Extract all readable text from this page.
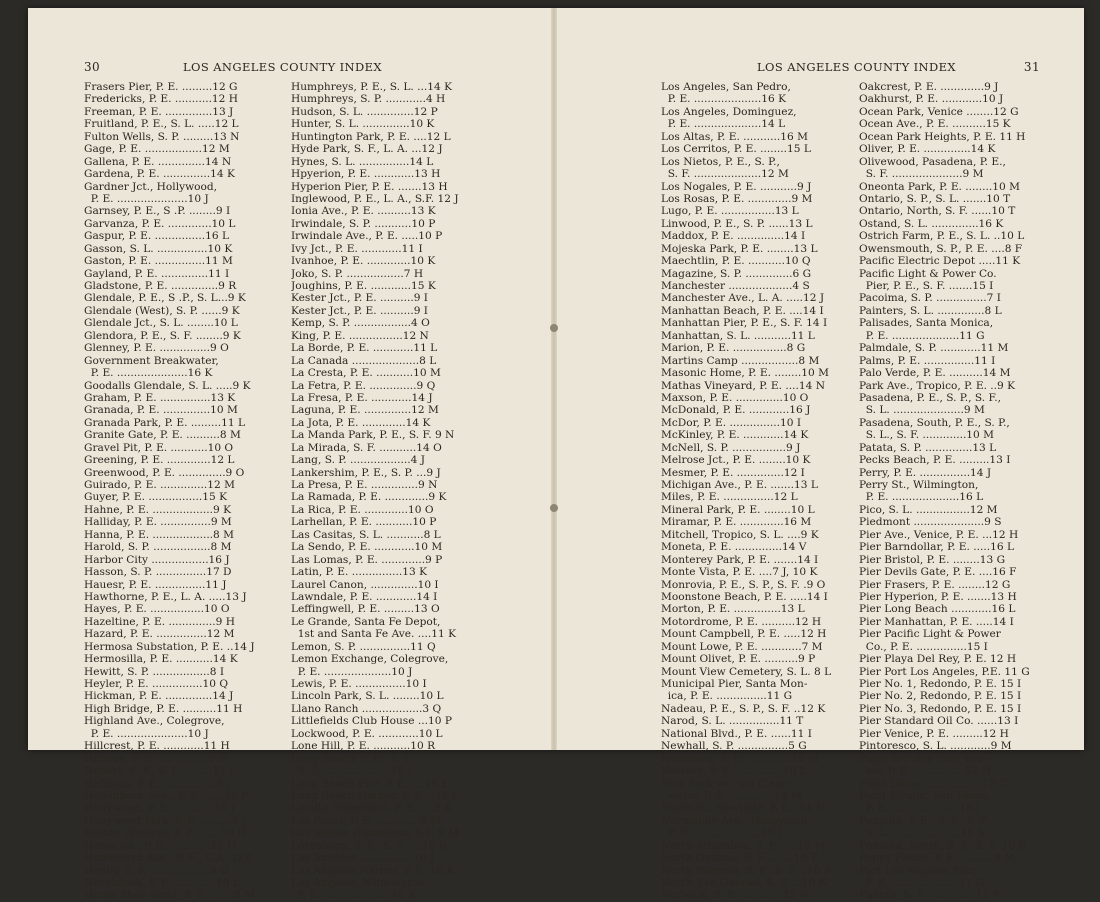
30	LOS ANGELES COUNTY INDEX
Frasers Pier, P. E. .........12 G
Fredericks, P. E. ...........12 H
Freeman, P. E. ..............13 J
Fruitland, P. E., S. L. .....12 L
Fulton Wells, S. P. .........13 N
Gage, P. E. .................12 M
Gallena, P. E. ..............14 N
Gardena, P. E. ..............14 K
Gardner Jct., Hollywood,
P. E. .....................10 J
Garnsey, P. E., S .P. ........9 I
Garvanza, P. E. .............10 L
Gaspur, P. E. ...............16 L
Gasson, S. L. ...............10 K
Gaston, P. E. ...............11 M
Gayland, P. E. ..............11 I
Gladstone, P. E. ..............9 R
Glendale, P. E., S .P., S. L...9 K
Glendale (West), S. P. ......9 K
Glendale Jct., S. L. ........10 L
Glendora, P. E., S. F. ........9 K
Glenney, P. E. ...............9 O
Government Breakwater,
P. E. .....................16 K
Goodalls Glendale, S. L. .....9 K
Graham, P. E. ...............13 K
Granada, P. E. ..............10 M
Granada Park, P. E. .........11 L
Granite Gate, P. E. ..........8 M
Gravel Pit, P. E. ...........10 O
Greening, P. E. .............12 L
Greenwood, P. E. ..............9 O
Guirado, P. E. ..............12 M
Guyer, P. E. ................15 K
Hahne, P. E. ..................9 K
Halliday, P. E. ...............9 M
Hanna, P. E. ..................8 M
Harold, S. P. .................8 M
Harbor City .................16 J
Hasson, S. P. ...............17 D
Hauesr, P. E. ...............11 J
Hawthorne, P. E., L. A. .....13 J
Hayes, P. E. ................10 O
Hazeltine, P. E. ..............9 H
Hazard, P. E. ...............12 M
Hermosa Substation, P. E. ..14 J
Hermosilla, P. E. ...........14 K
Hewitt, S. P. .................8 I
Heyler, P. E. ...............10 Q
Hickman, P. E. ..............14 J
High Bridge, P. E. ..........11 H
Highland Ave., Colegrove,
P. E. .....................10 J
Hillcrest, P. E. ............11 H
Hillside, P. E. ...............9 P
Hobart, S. F., S. L. ........11 L
Hoffman, P. E. ................9 J
Hollenbeck Ave., P. E. ......10 P
Hollywood, P. E. ............10 J
Hollywood Park, P. E. .........9 J
Holton (Venice), P. E. ......13 H
Home Jct., P. E. ............11 H
Homeward Ave., P. E., L.A. 12K
Honby, S. P. ..................4 G
Hornbrook, P. E. ............10 L
Horse Shoe Bend, P. E. .......8 M
Humphreys, P. E., S. L. ...14 K
Humphreys, S. P. ............4 H
Hudson, S. L. ..............12 P
Hunter, S. L. ..............10 K
Huntington Park, P. E. ....12 L
Hyde Park, S. F., L. A. ...12 J
Hynes, S. L. ...............14 L
Hpyerion, P. E. ............13 H
Hyperion Pier, P. E. .......13 H
Inglewood, P. E., L. A., S.F. 12 J
Ionia Ave., P. E. ..........13 K
Irwindale, S. P. ...........10 P
Irwindale Ave., P. E. .....10 P
Ivy Jct., P. E. ............11 I
Ivanhoe, P. E. .............10 K
Joko, S. P. .................7 H
Joughins, P. E. ............15 K
Kester Jct., P. E. ..........9 I
Kester Jct., P. E. ..........9 I
Kemp, S. P. .................4 O
King, P. E. ................12 N
La Borde, P. E. ............11 L
La Canada ....................8 L
La Cresta, P. E. ...........10 M
La Fetra, P. E. ..............9 Q
La Fresa, P. E. ............14 J
Laguna, P. E. ..............12 M
La Jota, P. E. .............14 K
La Manda Park, P. E., S. F. 9 N
La Mirada, S. F. ...........14 O
Lang, S. P. ..................4 J
Lankershim, P. E., S. P. ...9 J
La Presa, P. E. ..............9 N
La Ramada, P. E. .............9 K
La Rica, P. E. .............10 O
Larhellan, P. E. ...........10 P
Las Casitas, S. L. ...........8 L
La Sendo, P. E. ............10 M
Las Lomas, P. E. .............9 P
Latin, P. E. ...............13 K
Laurel Canon, ..............10 I
Lawndale, P. E. ............14 I
Leffingwell, P. E. .........13 O
Le Grande, Santa Fe Depot,
1st and Santa Fe Ave. ....11 K
Lemon, S. P. ...............11 Q
Lemon Exchange, Colegrove,
P. E. ....................10 J
Lewis, P. E. ...............10 I
Lincoln Park, S. L. ........10 L
Llano Ranch ..................3 Q
Littlefields Club House ...10 P
Lockwood, P. E. ............10 L
Lone Hill, P. E. ...........10 R
Long Beach, P. E., S. L.,
S. P. ....................16 L
Long Beach Pier, P. E. ....16 L
Long Beach Harbor, P. E. ..16 L
Lomita (Glendale), P. E. ....9 K
Los Posas, P. E. .............9 M
Los Robles (Pasadena) S.F. 9 M
Lordsburg, S. P., S. F. ....10 R
Los Angeles ................10 J
Los Angeles Harbor, P. E. 16 K
Los Angeles, Wilmington,
P. E. ....................16 K
LOS ANGELES COUNTY INDEX	31
Los Angeles, San Pedro,
P. E. ....................16 K
Los Angeles, Dominguez,
P. E. ....................14 L
Los Altas, P. E. ...........16 M
Los Cerritos, P. E. ........15 L
Los Nietos, P. E., S. P.,
S. F. ....................12 M
Los Nogales, P. E. ...........9 J
Los Rosas, P. E. .............9 M
Lugo, P. E. ................13 L
Linwood, P. E., S. P. ......13 L
Maddox, P. E. ..............14 I
Mojeska Park, P. E. ........13 L
Maechtlin, P. E. ...........10 Q
Magazine, S. P. ..............6 G
Manchester ...................4 S
Manchester Ave., L. A. .....12 J
Manhattan Beach, P. E. ....14 I
Manhattan Pier, P. E., S. F. 14 I
Manhattan, S. L. ...........11 L
Marion, P. E. ................8 G
Martins Camp .................8 M
Masonic Home, P. E. ........10 M
Mathas Vineyard, P. E. ....14 N
Maxson, P. E. ..............10 O
McDonald, P. E. ............16 J
McDor, P. E. ...............10 I
McKinley, P. E. ............14 K
McNell, S. P. ................9 J
Melrose Jct., P. E. ........10 K
Mesmer, P. E. ..............12 I
Michigan Ave., P. E. .......13 L
Miles, P. E. ...............12 L
Mineral Park, P. E. ........10 L
Miramar, P. E. .............16 M
Mitchell, Tropico, S. L. ....9 K
Moneta, P. E. ..............14 V
Monterey Park, P. E. .......14 I
Monte Vista, P. E. ....7 J, 10 K
Monrovia, P. E., S. P., S. F. .9 O
Moonstone Beach, P. E. .....14 I
Morton, P. E. ..............13 L
Motordrome, P. E. ..........12 H
Mount Campbell, P. E. .....12 H
Mount Lowe, P. E. ............7 M
Mount Olivet, P. E. ..........9 P
Mount View Cemetery, S. L. 8 L
Municipal Pier, Santa Mon-
ica, P. E. ...............11 G
Nadeau, P. E., S. P., S. F. ..12 K
Narod, S. L. ...............11 T
National Blvd., P. E. ......11 I
Newhall, S. P. ...............5 G
Newmark, S. L. .............12 M
Newton, P. E. ..............10 L
New York ve., via Clear-
water, P. E. .............14 M
Ninth St., Sawtelle, P. E. .11 H
Normandy Ave., Hollywood,
P. E. ....................10 J
North Alhambra, S. P. .....10 M
North Ontario, S. F. .......10 T
North Pomona, S. P., S. F. ..10 S
North San Gabriel, S. P. ...10 N
Norwalk, S. P. .............13 N
Oakcrest, P. E. .............9 J
Oakhurst, P. E. ............10 J
Ocean Park, Venice ........12 G
Ocean Ave., P. E. ..........15 K
Ocean Park Heights, P. E. 11 H
Oliver, P. E. ..............14 K
Olivewood, Pasadena, P. E.,
S. F. .....................9 M
Oneonta Park, P. E. ........10 M
Ontario, S. P., S. L. .......10 T
Ontario, North, S. F. ......10 T
Ostand, S. L. ..............16 K
Ostrich Farm, P. E., S. L. ..10 L
Owensmouth, S. P., P. E. ....8 F
Pacific Electric Depot .....11 K
Pacific Light & Power Co.
Pier, P. E., S. F. .......15 I
Pacoima, S. P. ...............7 I
Painters, S. L. ..............8 L
Palisades, Santa Monica,
P. E. ....................11 G
Palmdale, S. P. ............11 M
Palms, P. E. ...............11 I
Palo Verde, P. E. ..........14 M
Park Ave., Tropico, P. E. ..9 K
Pasadena, P. E., S. P., S. F.,
S. L. .....................9 M
Pasadena, South, P. E., S. P.,
S. L., S. F. .............10 M
Patata, S. P. ..............13 L
Pecks Beach, P. E. .........13 I
Perry, P. E. ...............14 J
Perry St., Wilmington,
P. E. ....................16 L
Pico, S. L. ................12 M
Piedmont .....................9 S
Pier Ave., Venice, P. E. ...12 H
Pier Barndollar, P. E. .....16 L
Pier Bristol, P. E. ........13 G
Pier Devils Gate, P. E. ....16 F
Pier Frasers, P. E. ........12 G
Pier Hyperion, P. E. .......13 H
Pier Long Beach ............16 L
Pier Manhattan, P. E. .....14 I
Pier Pacific Light & Power
Co., P. E. ...............15 I
Pier Playa Del Rey, P. E. 12 H
Pier Port Los Angeles, P.E. 11 G
Pier No. 1, Redondo, P. E. 15 I
Pier No. 2, Redondo, P. E. 15 I
Pier No. 3, Redondo, P. E. 15 I
Pier Standard Oil Co. ......13 I
Pier Venice, P. E. .........12 H
Pintoresco, S. L. ............9 M
Playa Del Rey Pier, Ven-
ice, P. E. ...............12 H
Point Dume .................12 C
Point Firmin, San Pedro,
P. E. ....................16 J
Pomona, P. E., S. P., S. F.,
S. L. ....................10 S
Pomona, North, S. P., S. F. 10 S
Poppy Fields, P. E. ..........8 M
Port Los Angeles Pier,
P. E. ....................11 G
Puente, S. P. ..............11 P
